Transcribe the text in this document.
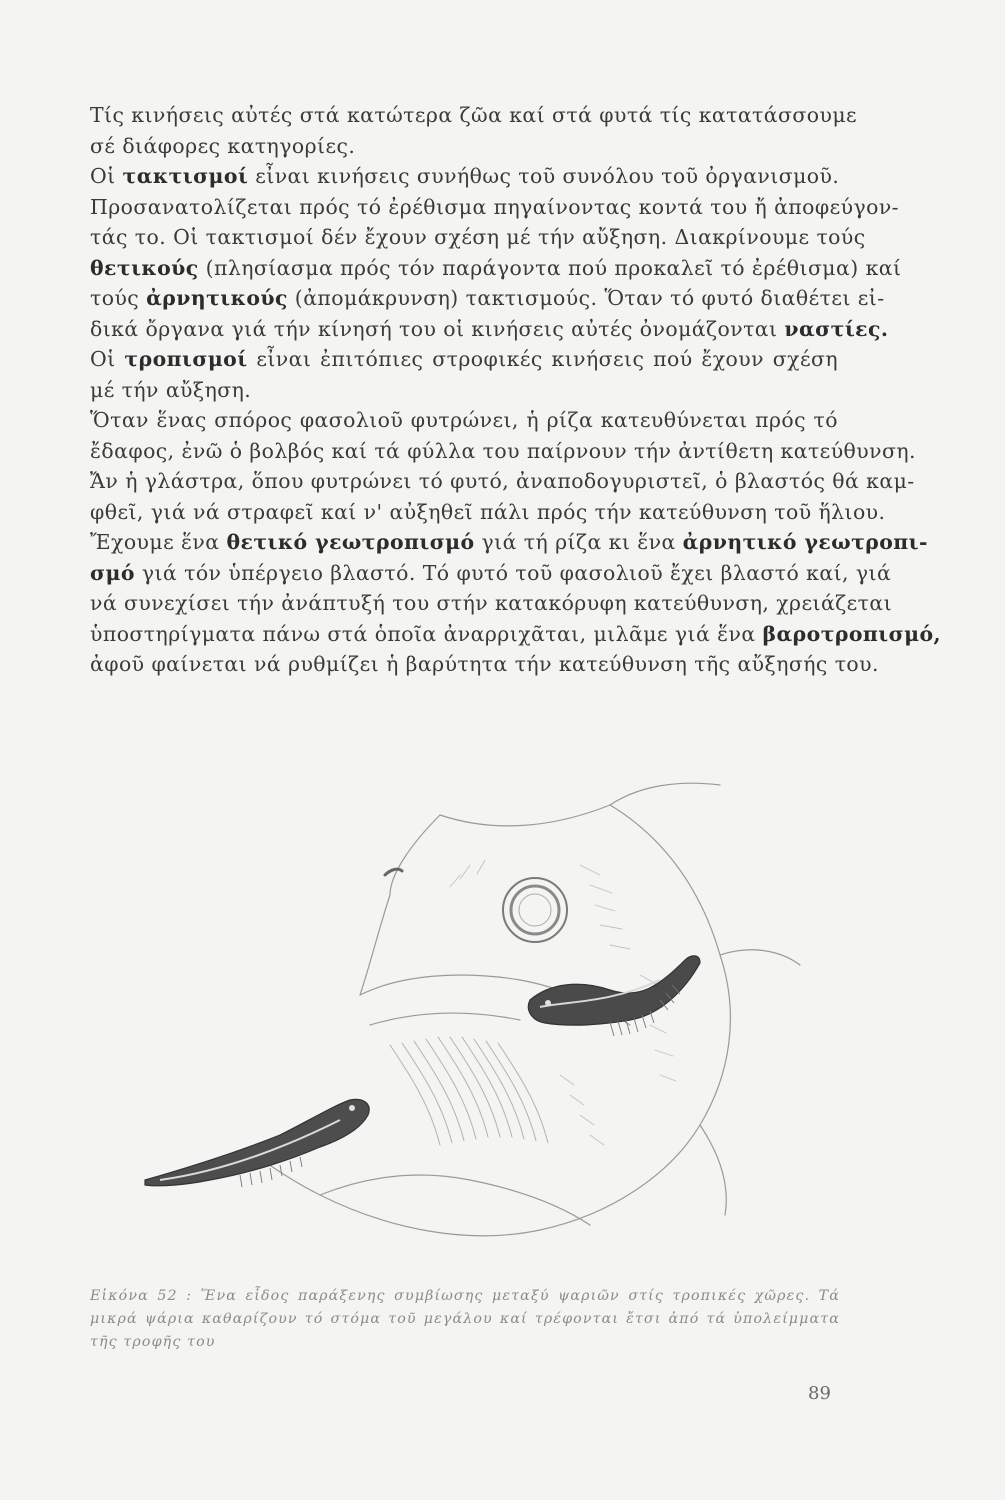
Τίς κινήσεις αὐτές στά κατώτερα ζῶα καί στά φυτά τίς κατατάσσουμε
σέ διάφορες κατηγορίες.
Οἱ τακτισμοί εἶναι κινήσεις συνήθως τοῦ συνόλου τοῦ ὀργανισμοῦ.
Προσανατολίζεται πρός τό ἐρέθισμα πηγαίνοντας κοντά του ἤ ἀποφεύγον-
τάς το. Οἱ τακτισμοί δέν ἔχουν σχέση μέ τήν αὔξηση. Διακρίνουμε τούς
θετικούς (πλησίασμα πρός τόν παράγοντα πού προκαλεῖ τό ἐρέθισμα) καί
τούς ἀρνητικούς (ἀπομάκρυνση) τακτισμούς. Ὅταν τό φυτό διαθέτει εἰ-
δικά ὄργανα γιά τήν κίνησή του οἱ κινήσεις αὐτές ὀνομάζονται ναστίες.
Οἱ τροπισμοί εἶναι ἐπιτόπιες στροφικές κινήσεις πού ἔχουν σχέση
μέ τήν αὔξηση.
Ὅταν ἕνας σπόρος φασολιοῦ φυτρώνει, ἡ ρίζα κατευθύνεται πρός τό
ἔδαφος, ἐνῶ ὁ βολβός καί τά φύλλα του παίρνουν τήν ἀντίθετη κατεύθυνση.
Ἄν ἡ γλάστρα, ὅπου φυτρώνει τό φυτό, ἀναποδογυριστεῖ, ὁ βλαστός θά καμ-
φθεῖ, γιά νά στραφεῖ καί ν' αὐξηθεῖ πάλι πρός τήν κατεύθυνση τοῦ ἥλιου.
Ἔχουμε ἕνα θετικό γεωτροπισμό γιά τή ρίζα κι ἕνα ἀρνητικό γεωτροπι-
σμό γιά τόν ὑπέργειο βλαστό. Τό φυτό τοῦ φασολιοῦ ἔχει βλαστό καί, γιά
νά συνεχίσει τήν ἀνάπτυξή του στήν κατακόρυφη κατεύθυνση, χρειάζεται
ὑποστηρίγματα πάνω στά ὁποῖα ἀναρριχᾶται, μιλᾶμε γιά ἕνα βαροτροπισμό,
ἀφοῦ φαίνεται νά ρυθμίζει ἡ βαρύτητα τήν κατεύθυνση τῆς αὔξησής του.
Εἰκόνα 52 : Ἕνα εἶδος παράξενης συμβίωσης μεταξύ ψαριῶν στίς τροπικές χῶρες. Τά
μικρά ψάρια καθαρίζουν τό στόμα τοῦ μεγάλου καί τρέφονται ἔτσι ἀπό τά ὑπολείμματα
τῆς τροφῆς του
89
